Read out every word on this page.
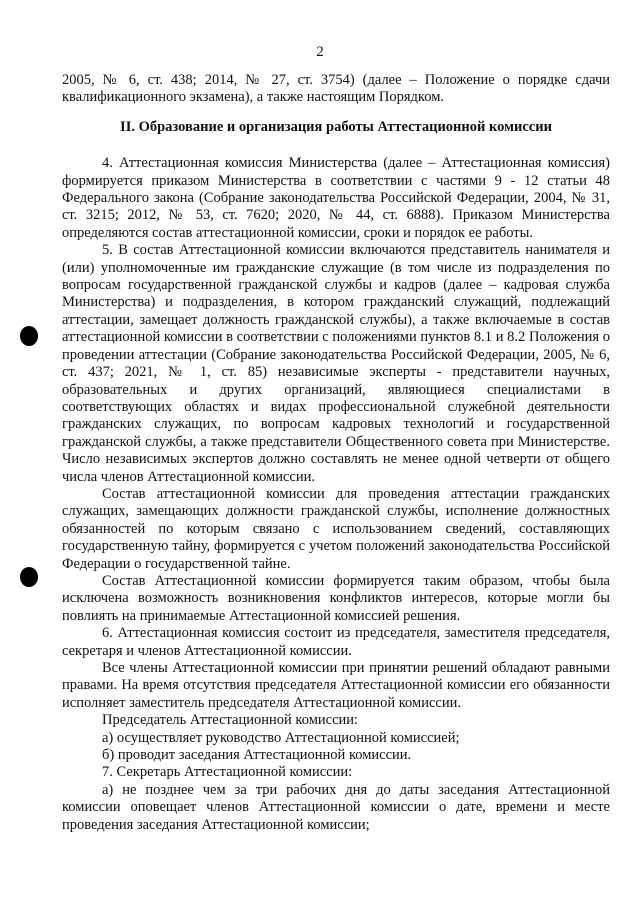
2

2005, № 6, ст. 438; 2014, № 27, ст. 3754) (далее – Положение о порядке сдачи квалификационного экзамена), а также настоящим Порядком.

II. Образование и организация работы Аттестационной комиссии

4. Аттестационная комиссия Министерства (далее – Аттестационная комиссия) формируется приказом Министерства в соответствии с частями 9 - 12 статьи 48 Федерального закона (Собрание законодательства Российской Федерации, 2004, № 31, ст. 3215; 2012, № 53, ст. 7620; 2020, № 44, ст. 6888). Приказом Министерства определяются состав аттестационной комиссии, сроки и порядок ее работы.

5. В состав Аттестационной комиссии включаются представитель нанимателя и (или) уполномоченные им гражданские служащие (в том числе из подразделения по вопросам государственной гражданской службы и кадров (далее – кадровая служба Министерства) и подразделения, в котором гражданский служащий, подлежащий аттестации, замещает должность гражданской службы), а также включаемые в состав аттестационной комиссии в соответствии с положениями пунктов 8.1 и 8.2 Положения о проведении аттестации (Собрание законодательства Российской Федерации, 2005, № 6, ст. 437; 2021, № 1, ст. 85) независимые эксперты - представители научных, образовательных и других организаций, являющиеся специалистами в соответствующих областях и видах профессиональной служебной деятельности гражданских служащих, по вопросам кадровых технологий и государственной гражданской службы, а также представители Общественного совета при Министерстве. Число независимых экспертов должно составлять не менее одной четверти от общего числа членов Аттестационной комиссии.

Состав аттестационной комиссии для проведения аттестации гражданских служащих, замещающих должности гражданской службы, исполнение должностных обязанностей по которым связано с использованием сведений, составляющих государственную тайну, формируется с учетом положений законодательства Российской Федерации о государственной тайне.

Состав Аттестационной комиссии формируется таким образом, чтобы была исключена возможность возникновения конфликтов интересов, которые могли бы повлиять на принимаемые Аттестационной комиссией решения.

6. Аттестационная комиссия состоит из председателя, заместителя председателя, секретаря и членов Аттестационной комиссии.

Все члены Аттестационной комиссии при принятии решений обладают равными правами. На время отсутствия председателя Аттестационной комиссии его обязанности исполняет заместитель председателя Аттестационной комиссии.

Председатель Аттестационной комиссии:

а) осуществляет руководство Аттестационной комиссией;

б) проводит заседания Аттестационной комиссии.

7. Секретарь Аттестационной комиссии:

а) не позднее чем за три рабочих дня до даты заседания Аттестационной комиссии оповещает членов Аттестационной комиссии о дате, времени и месте проведения заседания Аттестационной комиссии;
